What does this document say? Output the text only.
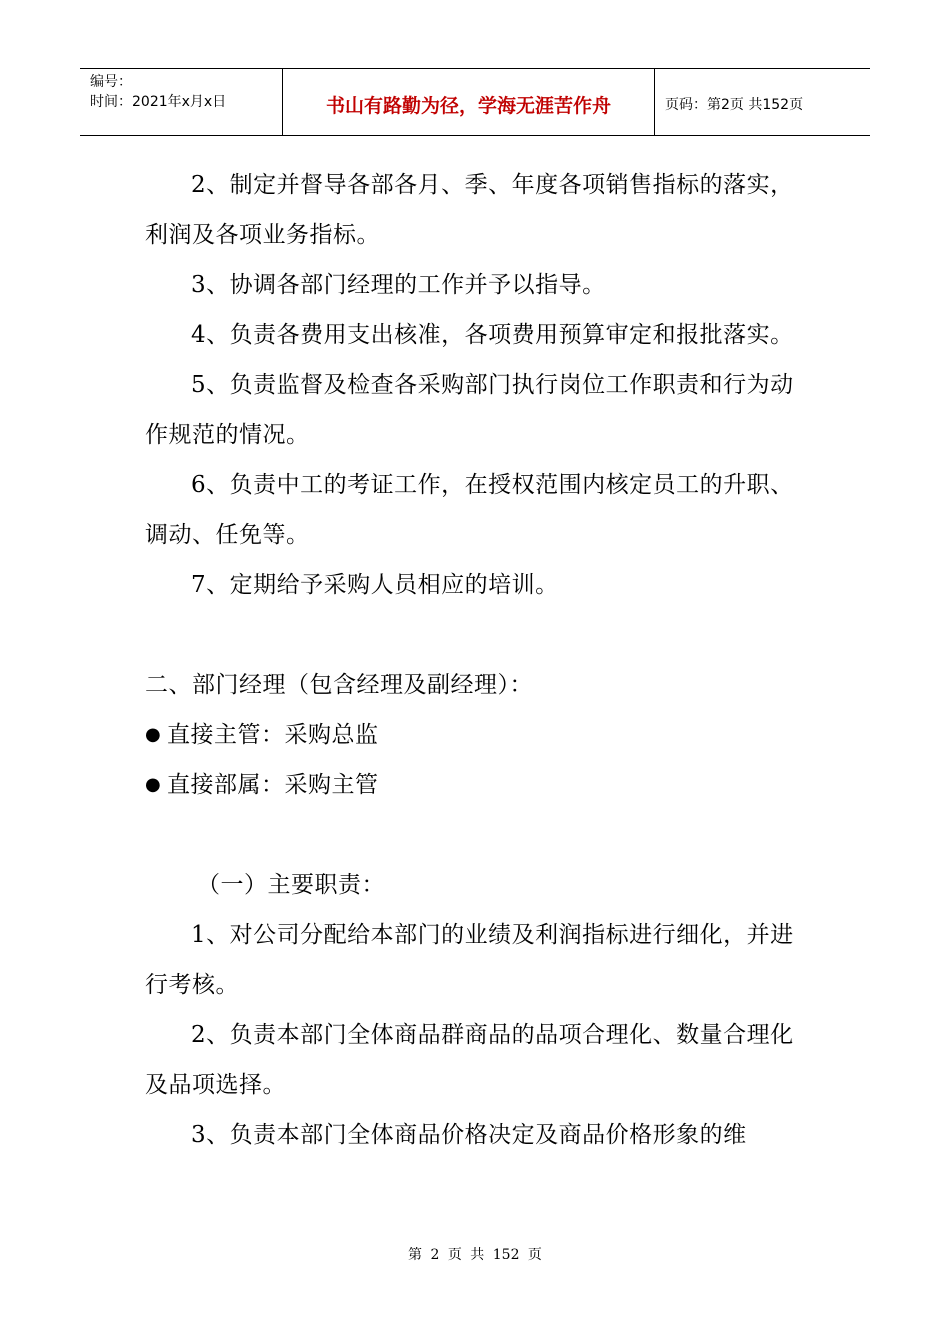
编号：
时间：2021年x月x日	书山有路勤为径，学海无涯苦作舟	页码：第2页 共152页

2、制定并督导各部各月、季、年度各项销售指标的落实，利润及各项业务指标。

3、协调各部门经理的工作并予以指导。

4、负责各费用支出核准，各项费用预算审定和报批落实。

5、负责监督及检查各采购部门执行岗位工作职责和行为动作规范的情况。

6、负责中工的考证工作，在授权范围内核定员工的升职、调动、任免等。

7、定期给予采购人员相应的培训。

二、部门经理（包含经理及副经理）：

● 直接主管：采购总监

● 直接部属：采购主管

（一）主要职责：

1、对公司分配给本部门的业绩及利润指标进行细化，并进行考核。

2、负责本部门全体商品群商品的品项合理化、数量合理化及品项选择。

3、负责本部门全体商品价格决定及商品价格形象的维

第 2 页 共 152 页
